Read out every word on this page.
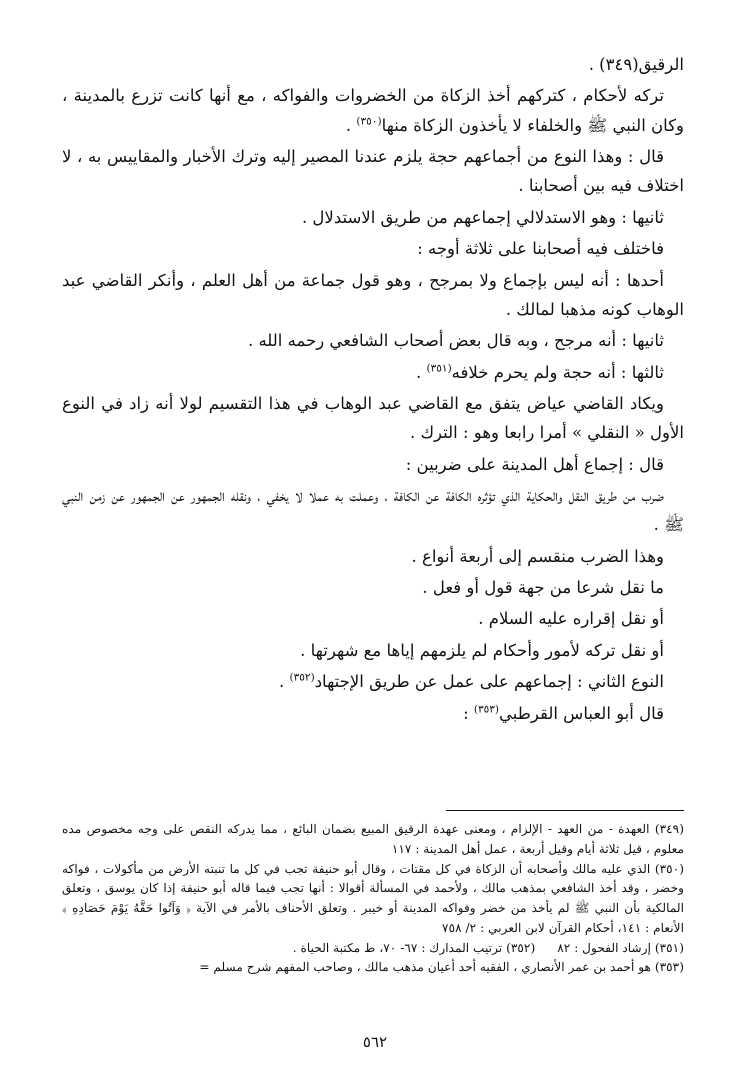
الرقيق(٣٤٩) .

تركه لأحكام ، كتركهم أخذ الزكاة من الخضروات والفواكه ، مع أنها كانت تزرع بالمدينة ، وكان النبي ﷺ والخلفاء لا يأخذون الزكاة منها$^{(٣٥٠)}$ .

قال : وهذا النوع من أجماعهم حجة يلزم عندنا المصير إليه وترك الأخبار والمقاييس به ، لا اختلاف فيه بين أصحابنا .

ثانيها : وهو الاستدلالي إجماعهم من طريق الاستدلال .

فاختلف فيه أصحابنا على ثلاثة أوجه :

أحدها : أنه ليس بإجماع ولا بمرجح ، وهو قول جماعة من أهل العلم ، وأنكر القاضي عبد الوهاب كونه مذهبا لمالك .

ثانيها : أنه مرجح ، وبه قال بعض أصحاب الشافعي رحمه الله .

ثالثها : أنه حجة ولم يحرم خلافه$^{(٣٥١)}$ .

ويكاد القاضي عياض يتفق مع القاضي عبد الوهاب في هذا التقسيم لولا أنه زاد في النوع الأول « النقلي » أمرا رابعا وهو : الترك .

قال : إجماع أهل المدينة على ضربين :

ضرب من طريق النقل والحكاية الذي تؤثره الكافة عن الكافة ، وعملت به عملا لا يخفي ، ونقله الجمهور عن الجمهور عن زمن النبي ﷺ .

وهذا الضرب منقسم إلى أربعة أنواع .

ما نقل شرعا من جهة قول أو فعل .

أو نقل إقراره عليه السلام .

أو نقل تركه لأمور وأحكام لم يلزمهم إياها مع شهرتها .

النوع الثاني : إجماعهم على عمل عن طريق الإجتهاد$^{(٣٥٢)}$ .

قال أبو العباس القرطبي$^{(٣٥٣)}$ :

(٣٤٩) العهدة - من العهد - الإلزام ، ومعنى عهدة الرقيق المبيع بضمان البائع ، مما يدركه النقص على وجه مخصوص مده معلوم ، قيل ثلاثة أيام وقيل أربعة ، عمل أهل المدينة : ١١٧

(٣٥٠) الذي عليه مالك وأصحابه أن الزكاة في كل مقتات ، وقال أبو حنيفة تجب في كل ما تنبته الأرض من مأكولات ، فواكه وخضر ، وقد أخذ الشافعي بمذهب مالك ، ولأحمد في المسألة أقوالا : أنها تجب فيما قاله أبو حنيفة إذا كان يوسق ، وتعلق المالكية بأن النبي ﷺ لم يأخذ من خضر وفواكه المدينة أو خيبر . وتعلق الأحناف بالأمر في الآية ﴿ وَآتُوا حَقَّهُ يَوْمَ حَصَادِهِ ﴾ الأنعام : ١٤١، أحكام القرآن لابن العربي : ٢/ ٧٥٨

(٣٥١) إرشاد الفحول : ٨٢
(٣٥٢) ترتيب المدارك : ٦٧- ٧٠، ط مكتبة الحياة .

(٣٥٣) هو أحمد بن عمر الأنصاري ، الفقيه أحد أعيان مذهب مالك ، وصاحب المفهم شرح مسلم =

٥٦٢
